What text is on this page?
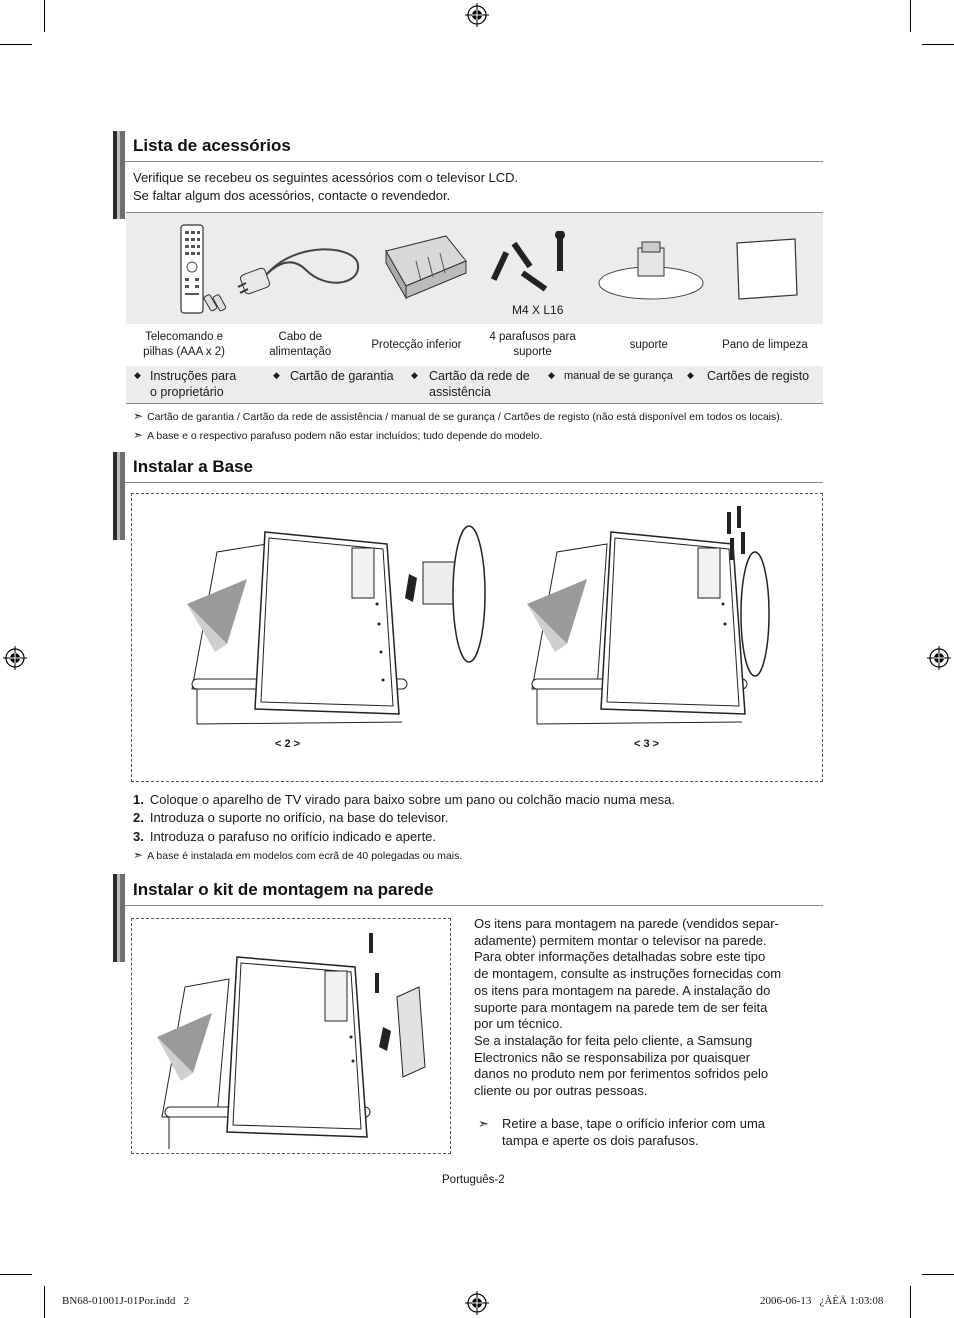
Lista de acessórios
Verifique se recebeu os seguintes acessórios com o televisor LCD.
Se faltar algum dos acessórios, contacte o revendedor.
M4 X L16
Telecomando e
pilhas (AAA x 2)
Cabo de
alimentação
Protecção inferior
4 parafusos para
suporte
suporte	Pano de limpeza
◆ Instruções para
o proprietário
◆ Cartão de garantia ◆ Cartão da rede de
assistência
◆ manual de se gurança ◆ Cartões de registo
➣ Cartão de garantia / Cartão da rede de assistência / manual de se gurança / Cartões de registo (não está disponível em todos os locais).
➣ A base e o respectivo parafuso podem não estar incluídos; tudo depende do modelo.
Instalar a Base
< 2 >	< 3 >
1. Coloque o aparelho de TV virado para baixo sobre um pano ou colchão macio numa mesa.
2. Introduza o suporte no orifício, na base do televisor.
3. Introduza o parafuso no orifício indicado e aperte.
➣ A base é instalada em modelos com ecrã de 40 polegadas ou mais.
Instalar o kit de montagem na parede
Os itens para montagem na parede (vendidos separ-
adamente) permitem montar o televisor na parede.
Para obter informações detalhadas sobre este tipo
de montagem, consulte as instruções fornecidas com
os itens para montagem na parede. A instalação do
suporte para montagem na parede tem de ser feita
por um técnico.
Se a instalação for feita pelo cliente, a Samsung
Electronics não se responsabiliza por quaisquer
danos no produto nem por ferimentos sofridos pelo
cliente ou por outras pessoas.
➣ Retire a base, tape o orifício inferior com uma
tampa e aperte os dois parafusos.
Português-2
BN68-01001J-01Por.indd   2	2006-06-13   ¿ÀÈÄ 1:03:08
